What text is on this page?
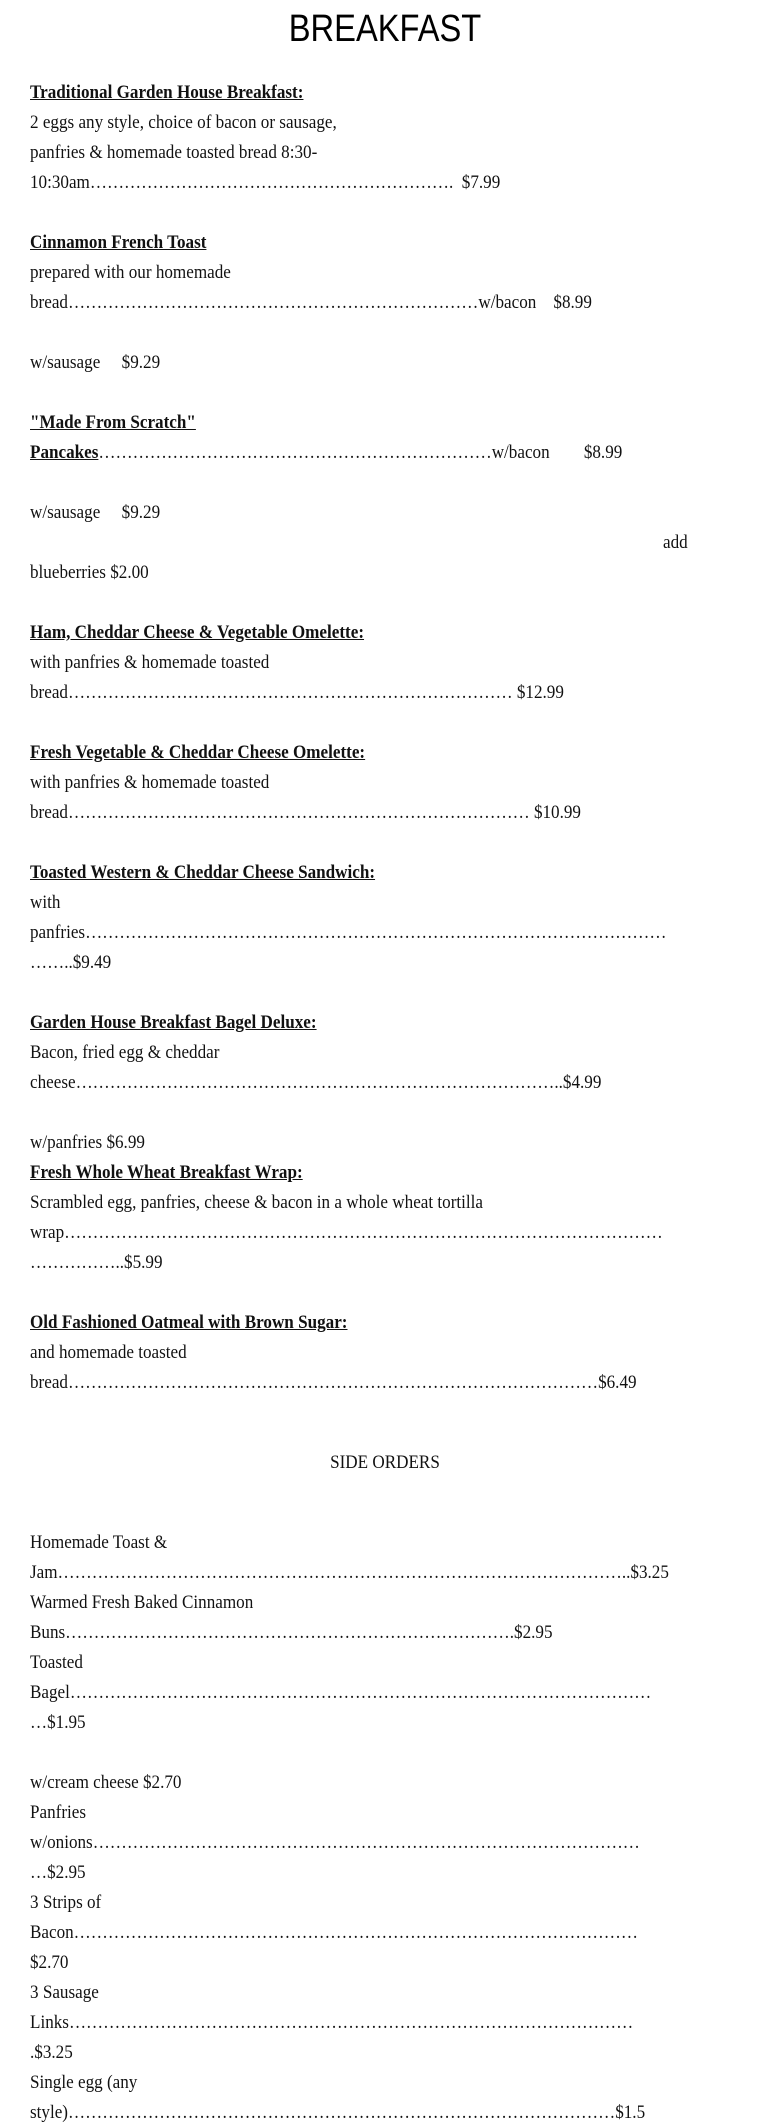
BREAKFAST
Traditional Garden House Breakfast:
2 eggs any style, choice of bacon or sausage,
panfries & homemade toasted bread 8:30-
10:30am……………………………………………………….  $7.99
Cinnamon French Toast
prepared with our homemade
bread………………………………………………………………w/bacon    $8.99
w/sausage     $9.29
"Made From Scratch"
Pancakes……………………………………………………………w/bacon        $8.99
w/sausage     $9.29
add
blueberries $2.00
Ham, Cheddar Cheese & Vegetable Omelette:
with panfries & homemade toasted
bread…………………………………………………………………… $12.99
Fresh Vegetable & Cheddar Cheese Omelette:
with panfries & homemade toasted
bread……………………………………………………………………… $10.99
Toasted Western & Cheddar Cheese Sandwich:
with
panfries…………………………………………………………………………………………
……..$9.49
Garden House Breakfast Bagel Deluxe:
Bacon, fried egg & cheddar
cheese…………………………………………………………………………..$4.99
w/panfries $6.99
Fresh Whole Wheat Breakfast Wrap:
Scrambled egg, panfries, cheese & bacon in a whole wheat tortilla
wrap……………………………………………………………………………………………
……………..$5.99
Old Fashioned Oatmeal with Brown Sugar:
and homemade toasted
bread…………………………………………………………………………………$6.49
Homemade Toast &
Jam………………………………………………………………………………………..$3.25
Warmed Fresh Baked Cinnamon
Buns…………………………………………………………………….$2.95
Toasted
Bagel…………………………………………………………………………………………
…$1.95
w/cream cheese $2.70
Panfries
w/onions……………………………………………………………………………………
…$2.95
3 Strips of
Bacon………………………………………………………………………………………
$2.70
3 Sausage
Links………………………………………………………………………………………
.$3.25
Single egg (any
style)……………………………………………………………………………………$1.5
SIDE ORDERS
